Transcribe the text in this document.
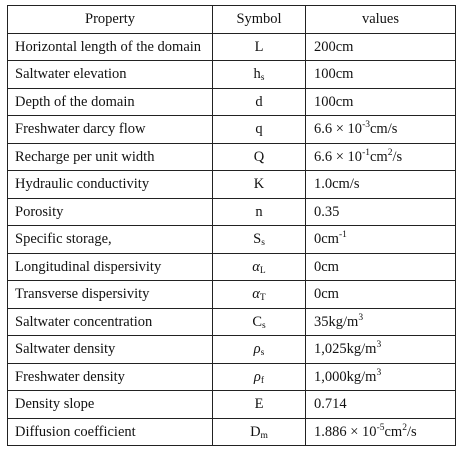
Property	Symbol	values
Horizontal length of the domain	L	200cm
Saltwater elevation	$h_s$	100cm
Depth of the domain	d	100cm
Freshwater darcy flow	q	$6.6 \times 10^{-3}cm/s$
Recharge per unit width	Q	$6.6 \times 10^{-1}cm^2/s$
Hydraulic conductivity	K	1.0cm/s
Porosity	n	0.35
Specific storage,	$S_s$	$0cm^{-1}$
Longitudinal dispersivity	$\alpha_L$	0cm
Transverse dispersivity	$\alpha_T$	0cm
Saltwater concentration	$C_s$	$35kg/m^3$
Saltwater density	$\rho_s$	$1,025kg/m^3$
Freshwater density	$\rho_f$	$1,000kg/m^3$
Density slope	E	0.714
Diffusion coefficient	$D_m$	$1.886 \times 10^{-5}cm^2/s$
